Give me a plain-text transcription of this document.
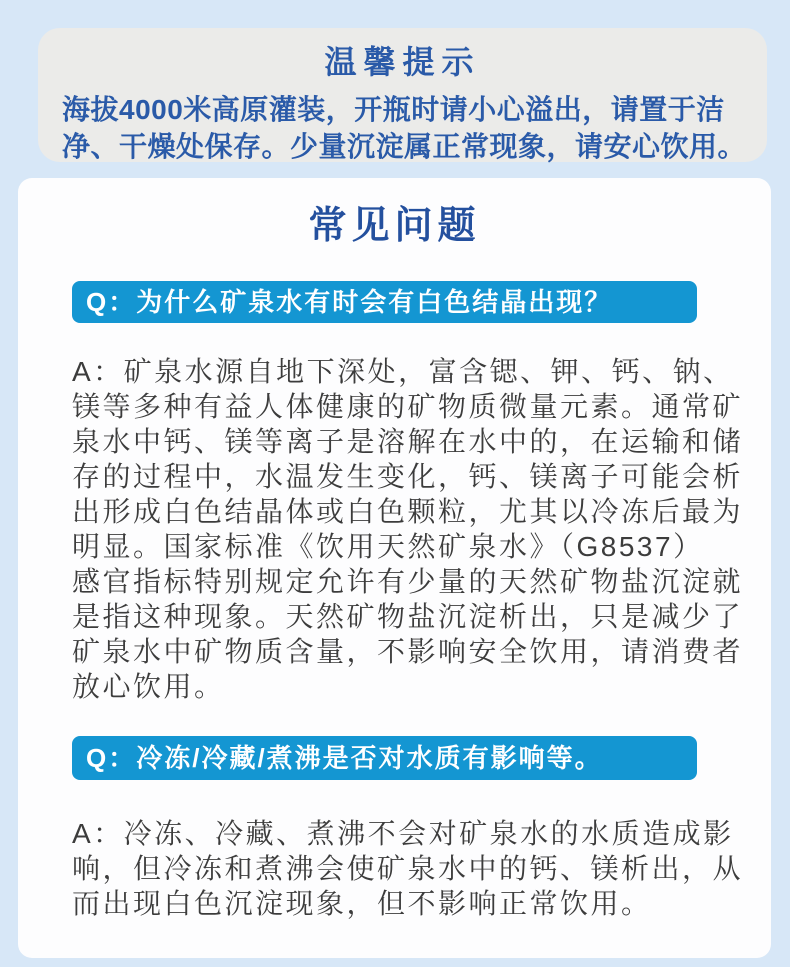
温馨提示
海拔4000米高原灌装，开瓶时请小心溢出，请置于洁
净、干燥处保存。少量沉淀属正常现象，请安心饮用。
常见问题
Q：为什么矿泉水有时会有白色结晶出现？
A：矿泉水源自地下深处，富含锶、钾、钙、钠、
镁等多种有益人体健康的矿物质微量元素。通常矿
泉水中钙、镁等离子是溶解在水中的，在运输和储
存的过程中，水温发生变化，钙、镁离子可能会析
出形成白色结晶体或白色颗粒，尤其以冷冻后最为
明显。国家标准《饮用天然矿泉水》（G8537）
感官指标特别规定允许有少量的天然矿物盐沉淀就
是指这种现象。天然矿物盐沉淀析出，只是减少了
矿泉水中矿物质含量，不影响安全饮用，请消费者
放心饮用。
Q：冷冻/冷藏/煮沸是否对水质有影响等。
A：冷冻、冷藏、煮沸不会对矿泉水的水质造成影
响，但冷冻和煮沸会使矿泉水中的钙、镁析出，从
而出现白色沉淀现象，但不影响正常饮用。
